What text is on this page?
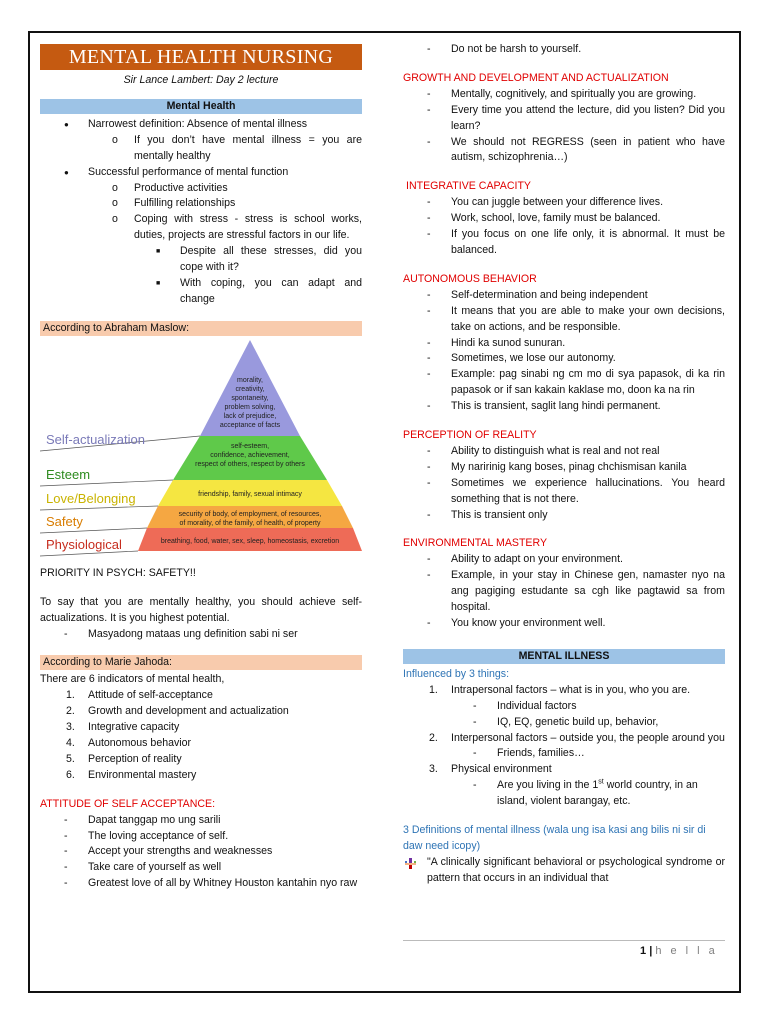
MENTAL HEALTH NURSING
Sir Lance Lambert: Day 2 lecture
Mental Health
● Narrowest definition: Absence of mental illness
o If you don’t have mental illness = you are mentally healthy
● Successful performance of mental function
o Productive activities
o Fulfilling relationships
o Coping with stress - stress is school works, duties, projects are stressful factors in our life.
■ Despite all these stresses, did you cope with it?
■ With coping, you can adapt and change
According to Abraham Maslow:
morality,
creativity,
spontaneity,
problem solving,
lack of prejudice,
acceptance of facts
self-esteem,
confidence, achievement,
respect of others, respect by others
friendship, family, sexual intimacy
security of body, of employment, of resources,
of morality, of the family, of health, of property
breathing, food, water, sex, sleep, homeostasis, excretion
Self-actualization
Esteem
Love/Belonging
Safety
Physiological
PRIORITY IN PSYCH: SAFETY!!
To say that you are mentally healthy, you should achieve self-actualizations. It is you highest potential.
- Masyadong mataas ung definition sabi ni ser
According to Marie Jahoda:
There are 6 indicators of mental health,
1. Attitude of self-acceptance
2. Growth and development and actualization
3. Integrative capacity
4. Autonomous behavior
5. Perception of reality
6. Environmental mastery
ATTITUDE OF SELF ACCEPTANCE:
- Dapat tanggap mo ung sarili
- The loving acceptance of self.
- Accept your strengths and weaknesses
- Take care of yourself as well
- Greatest love of all by Whitney Houston kantahin nyo raw
- Do not be harsh to yourself.
GROWTH AND DEVELOPMENT AND ACTUALIZATION
- Mentally, cognitively, and spiritually you are growing.
- Every time you attend the lecture, did you listen? Did you learn?
- We should not REGRESS (seen in patient who have autism, schizophrenia…)
INTEGRATIVE CAPACITY
- You can juggle between your difference lives.
- Work, school, love, family must be balanced.
- If you focus on one life only, it is abnormal. It must be balanced.
AUTONOMOUS BEHAVIOR
- Self-determination and being independent
- It means that you are able to make your own decisions, take on actions, and be responsible.
- Hindi ka sunod sunuran.
- Sometimes, we lose our autonomy.
- Example: pag sinabi ng cm mo di sya papasok, di ka rin papasok or if san kakain kaklase mo, doon ka na rin
- This is transient, saglit lang hindi permanent.
PERCEPTION OF REALITY
- Ability to distinguish what is real and not real
- My naririnig kang boses, pinag chchismisan kanila
- Sometimes we experience hallucinations. You heard something that is not there.
- This is transient only
ENVIRONMENTAL MASTERY
- Ability to adapt on your environment.
- Example, in your stay in Chinese gen, namaster nyo na ang pagiging estudante sa cgh like pagtawid sa from hospital.
- You know your environment well.
MENTAL ILLNESS
Influenced by 3 things:
1. Intrapersonal factors – what is in you, who you are.
- Individual factors
- IQ, EQ, genetic build up, behavior,
2. Interpersonal factors – outside you, the people around you
- Friends, families…
3. Physical environment
- Are you living in the 1st world country, in an island, violent barangay, etc.
3 Definitions of mental illness (wala ung isa kasi ang bilis ni sir di daw need icopy)
"A clinically significant behavioral or psychological syndrome or pattern that occurs in an individual that
1 | h e l l a
